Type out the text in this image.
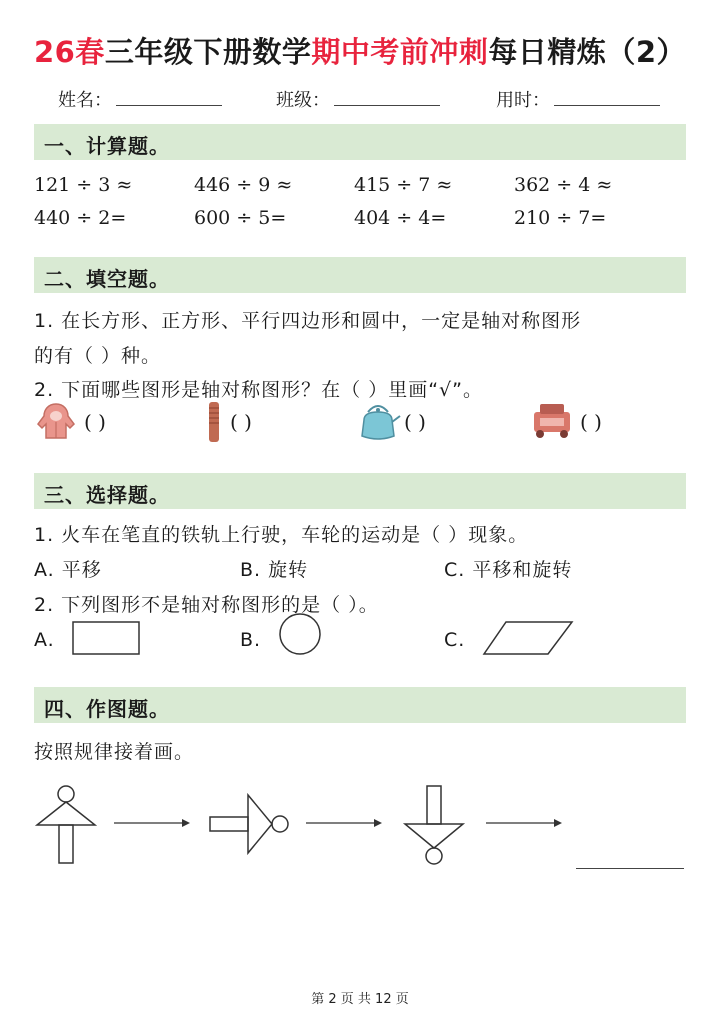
26春三年级下册数学期中考前冲刺每日精炼（2）
姓名：	班级：	用时：
一、计算题。
121 ÷ 3 ≈	446 ÷ 9 ≈	415 ÷ 7 ≈	362 ÷ 4 ≈
440 ÷ 2=	600 ÷ 5=	404 ÷ 4=	210 ÷ 7=
二、填空题。
1. 在长方形、正方形、平行四边形和圆中，一定是轴对称图形
的有（ ）种。
2. 下面哪些图形是轴对称图形？在（ ）里画“√”。
( )	( )	( )	( )
三、选择题。
1. 火车在笔直的铁轨上行驶，车轮的运动是（ ）现象。
A. 平移	B. 旋转	C. 平移和旋转
2. 下列图形不是轴对称图形的是（ ）。
A.	B.	C.
四、作图题。
按照规律接着画。
第 2 页 共 12 页
